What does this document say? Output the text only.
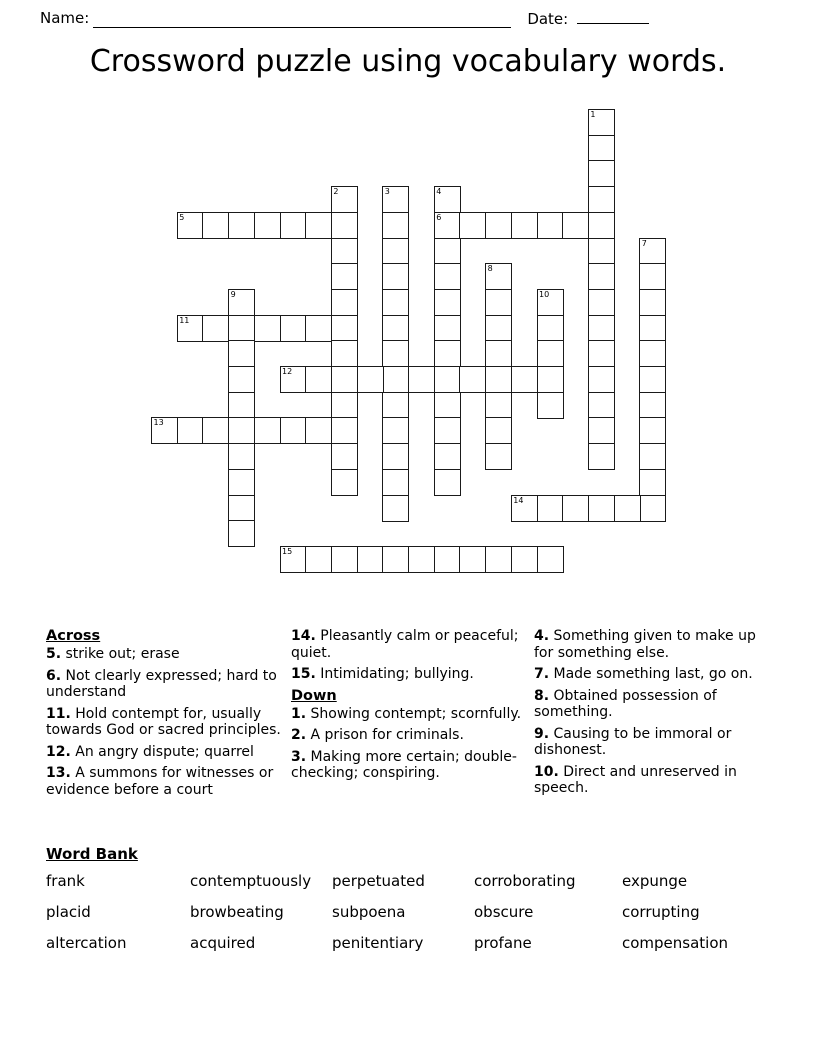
Name:	Date:
Crossword puzzle using vocabulary words.
1
2	3	4
6
5
7
8
9	10
11
12
13
14
15
Across
5. strike out; erase
6. Not clearly expressed; hard to understand
11. Hold contempt for, usually towards God or sacred principles.
12. An angry dispute; quarrel
13. A summons for witnesses or evidence before a court
14. Pleasantly calm or peaceful; quiet.
15. Intimidating; bullying.
Down
1. Showing contempt; scornfully.
2. A prison for criminals.
3. Making more certain; double-checking; conspiring.
4. Something given to make up for something else.
7. Made something last, go on.
8. Obtained possession of something.
9. Causing to be immoral or dishonest.
10. Direct and unreserved in speech.
Word Bank
frank	contemptuously	perpetuated	corroborating	expunge
placid	browbeating	subpoena	obscure	corrupting
altercation	acquired	penitentiary	profane	compensation
